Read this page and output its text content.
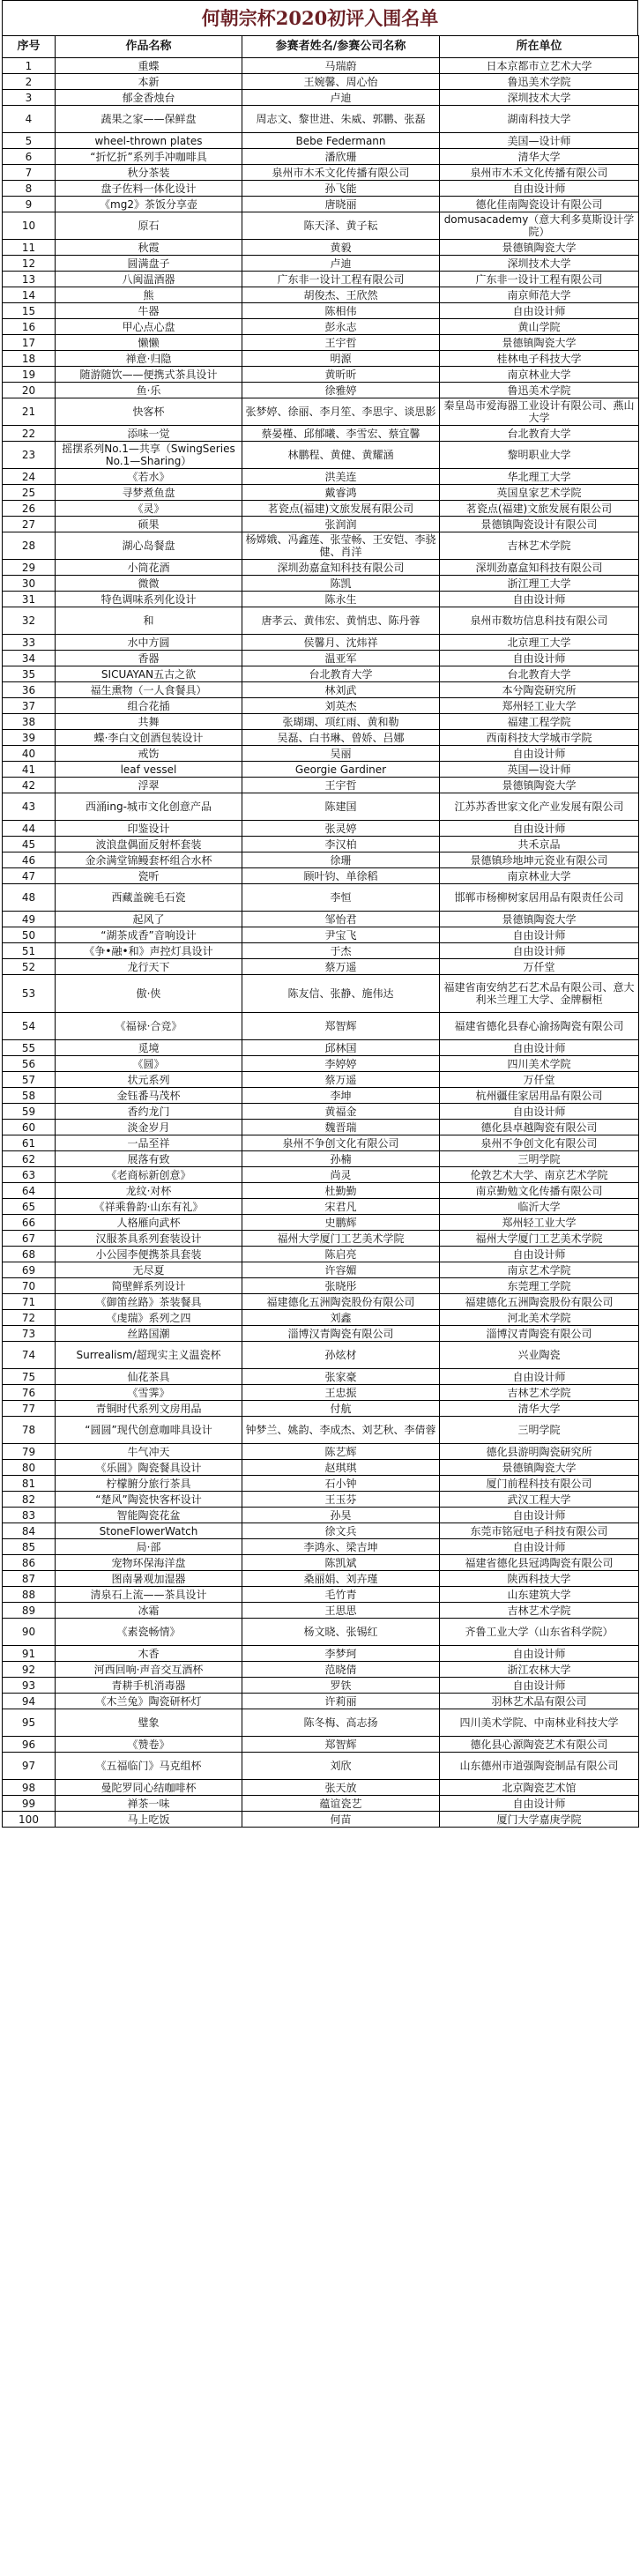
何朝宗杯2020初评入围名单
序号	作品名称	参赛者姓名/参赛公司名称	所在单位
1	重蝶	马瑞蔚	日本京都市立艺术大学
2	本新	王婉馨、周心怡	鲁迅美术学院
3	郁金香烛台	卢迪	深圳技术大学
4	蔬果之家——保鲜盘	周志文、黎世进、朱威、郭鹏、张磊	湖南科技大学
5	wheel-thrown plates	Bebe Federmann	美国—设计师
6	“折忆折”系列手冲咖啡具	潘欣珊	清华大学
7	秋分茶装	泉州市木禾文化传播有限公司	泉州市木禾文化传播有限公司
8	盘子佐料一体化设计	孙飞能	自由设计师
9	《mg2》茶饭分享壶	唐晓丽	德化佳南陶瓷设计有限公司
10	原石	陈天泽、黄子耘	domusacademy（意大利多莫斯设计学院）
11	秋霞	黄毅	景德镇陶瓷大学
12	圆满盘子	卢迪	深圳技术大学
13	八闽温酒器	广东非一设计工程有限公司	广东非一设计工程有限公司
14	熊	胡俊杰、王欣然	南京师范大学
15	牛器	陈相伟	自由设计师
16	甲心点心盘	彭永志	黄山学院
17	懒懒	王宇哲	景德镇陶瓷大学
18	禅意·归隐	明源	桂林电子科技大学
19	随游随饮——便携式茶具设计	黄昕昕	南京林业大学
20	鱼·乐	徐雅婷	鲁迅美术学院
21	快客杯	张梦婷、徐丽、李月笙、李思宇、谈思影	秦皇岛市爱海器工业设计有限公司、燕山大学
22	添味一觉	蔡晏槿、邱郁曦、李雪宏、蔡宜馨	台北教育大学
23	摇摆系列No.1—共享（SwingSeriesNo.1—Sharing）	林鹏程、黄健、黄耀涵	黎明职业大学
24	《若水》	洪美连	华北理工大学
25	寻梦煮鱼盘	戴睿鸿	英国皇家艺术学院
26	《灵》	茗瓷点(福建)文旅发展有限公司	茗瓷点(福建)文旅发展有限公司
27	硕果	张润润	景德镇陶瓷设计有限公司
28	湖心岛餐盘	杨嫦娥、冯鑫莲、张莹畅、王安铠、李骁健、肖洋	吉林艺术学院
29	小筒花酒	深圳劲嘉盒知科技有限公司	深圳劲嘉盒知科技有限公司
30	微微	陈凯	浙江理工大学
31	特色调味系列化设计	陈永生	自由设计师
32	和	唐孝云、黄伟宏、黄悄忠、陈丹蓉	泉州市数坊信息科技有限公司
33	水中方圆	侯馨月、沈炜祥	北京理工大学
34	香器	温亚军	自由设计师
35	SICUAYAN五古之欲	台北教育大学	台北教育大学
36	福生熏物（一人食餐具）	林刘武	本兮陶瓷研究所
37	组合花插	刘英杰	郑州轻工业大学
38	共舞	张瑚瑚、项红雨、黄和勒	福建工程学院
39	蝶·李白文创酒包装设计	吴磊、白书琳、曾娇、吕娜	西南科技大学城市学院
40	戒饬	吴丽	自由设计师
41	leaf vessel	Georgie Gardiner	英国—设计师
42	浮翠	王宇哲	景德镇陶瓷大学
43	西涌ing-城市文化创意产品	陈建国	江苏苏香世家文化产业发展有限公司
44	印鉴设计	张灵婷	自由设计师
45	波浪盘偶面反射杯套装	李汉柏	共禾京品
46	金余满堂锦鳗套杯组合水杯	徐珊	景德镇珍地坤元瓷业有限公司
47	瓷听	顾叶钧、单徐稻	南京林业大学
48	西藏盖碗毛石瓷	李恒	邯郸市杨柳树家居用品有限责任公司
49	起风了	邹怡君	景德镇陶瓷大学
50	“湖茶成香”音响设计	尹宝飞	自由设计师
51	《争•融•和》声控灯具设计	于杰	自由设计师
52	龙行天下	蔡万遥	万仟堂
53	傲·侠	陈友信、张静、施伟达	福建省南安纳艺石艺术品有限公司、意大利米兰理工大学、金牌橱柜
54	《福禄·合竞》	郑智辉	福建省德化县春心渝扬陶瓷有限公司
55	觅境	邱林国	自由设计师
56	《圆》	李婷婷	四川美术学院
57	状元系列	蔡万遥	万仟堂
58	金钰番马茂杯	李坤	杭州疆佳家居用品有限公司
59	香约龙门	黄福金	自由设计师
60	淡金岁月	魏晋瑞	德化县卓越陶瓷有限公司
61	一品至祥	泉州不争创文化有限公司	泉州不争创文化有限公司
62	展落有致	孙楠	三明学院
63	《老商标新创意》	尚灵	伦敦艺术大学、南京艺术学院
64	龙纹·对杯	杜勤勤	南京勤勉文化传播有限公司
65	《祥乘鲁韵·山东有礼》	宋君凡	临沂大学
66	人格雁向武杯	史鹏辉	郑州轻工业大学
67	汉服茶具系列套装设计	福州大学厦门工艺美术学院	福州大学厦门工艺美术学院
68	小公园李便携茶具套装	陈启亮	自由设计师
69	无尽夏	许容媚	南京艺术学院
70	简壁鲜系列设计	张晓彤	东莞理工学院
71	《御笛丝路》茶装餐具	福建德化五洲陶瓷股份有限公司	福建德化五洲陶瓷股份有限公司
72	《虔瑞》系列之四	刘鑫	河北美术学院
73	丝路国潮	淄博汉青陶瓷有限公司	淄博汉青陶瓷有限公司
74	Surrealism/超现实主义温瓷杯	孙炫材	兴业陶瓷
75	仙花茶具	张家豪	自由设计师
76	《雪霁》	王忠振	吉林艺术学院
77	青铜时代系列文房用品	付航	清华大学
78	“圆圆”现代创意咖啡具设计	钟梦兰、姚韵、李成杰、刘艺秋、李倩蓉	三明学院
79	牛气冲天	陈艺辉	德化县游明陶瓷研究所
80	《乐圆》陶瓷餐具设计	赵琪琪	景德镇陶瓷大学
81	柠檬腑分旅行茶具	石小钟	厦门前程科技有限公司
82	“楚风”陶瓷快客杯设计	王玉芬	武汉工程大学
83	智能陶瓷花盆	孙昊	自由设计师
84	StoneFlowerWatch	徐文兵	东莞市铭冠电子科技有限公司
85	局·部	李鸿永、梁吉坤	自由设计师
86	宠物环保海洋盘	陈凯斌	福建省德化县冠鸿陶瓷有限公司
87	图南暑观加湿器	桑丽娟、刘卉瑾	陕西科技大学
88	清泉石上流——茶具设计	毛竹青	山东建筑大学
89	冰霜	王思思	吉林艺术学院
90	《素瓷畅情》	杨文晓、张锡红	齐鲁工业大学（山东省科学院）
91	木香	李梦珂	自由设计师
92	河西回响·声音交互酒杯	范晓倩	浙江农林大学
93	青耕手机消毒器	罗铁	自由设计师
94	《木兰兔》陶瓷研杯灯	许莉丽	羽林艺术品有限公司
95	璧象	陈冬梅、高志扬	四川美术学院、中南林业科技大学
96	《赞卷》	郑智辉	德化县心源陶瓷艺术有限公司
97	《五福临门》马克组杯	刘欣	山东德州市道强陶瓷制品有限公司
98	曼陀罗同心结咖啡杯	张天放	北京陶瓷艺术馆
99	禅茶一味	蕴谊瓷艺	自由设计师
100	马上吃饭	何苗	厦门大学嘉庚学院
